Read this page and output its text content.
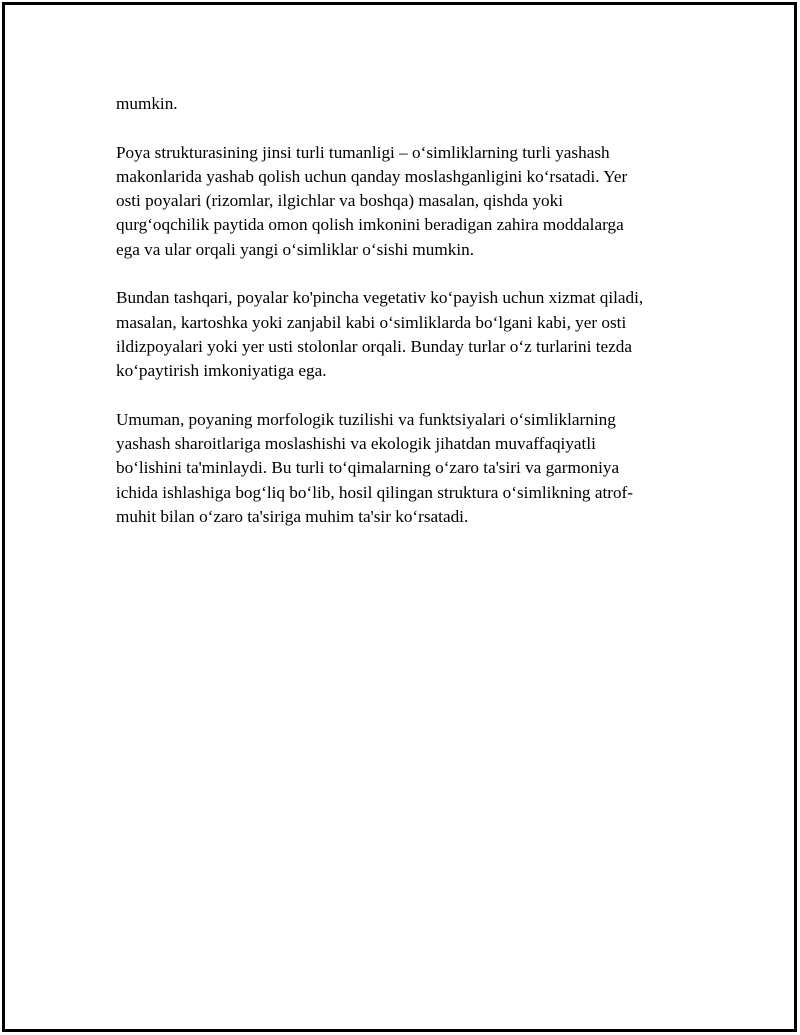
mumkin.

Poya strukturasining jinsi turli tumanligi – oʻsimliklarning turli yashash
makonlarida yashab qolish uchun qanday moslashganligini koʻrsatadi. Yer
osti poyalari (rizomlar, ilgichlar va boshqa) masalan, qishda yoki
qurgʻoqchilik paytida omon qolish imkonini beradigan zahira moddalarga
ega va ular orqali yangi oʻsimliklar oʻsishi mumkin.

Bundan tashqari, poyalar ko'pincha vegetativ koʻpayish uchun xizmat qiladi,
masalan, kartoshka yoki zanjabil kabi oʻsimliklarda boʻlgani kabi, yer osti
ildizpoyalari yoki yer usti stolonlar orqali. Bunday turlar oʻz turlarini tezda
koʻpaytirish imkoniyatiga ega.

Umuman, poyaning morfologik tuzilishi va funktsiyalari oʻsimliklarning
yashash sharoitlariga moslashishi va ekologik jihatdan muvaffaqiyatli
boʻlishini ta'minlaydi. Bu turli toʻqimalarning oʻzaro ta'siri va garmoniya
ichida ishlashiga bogʻliq boʻlib, hosil qilingan struktura oʻsimlikning atrof-
muhit bilan oʻzaro ta'siriga muhim ta'sir koʻrsatadi.
